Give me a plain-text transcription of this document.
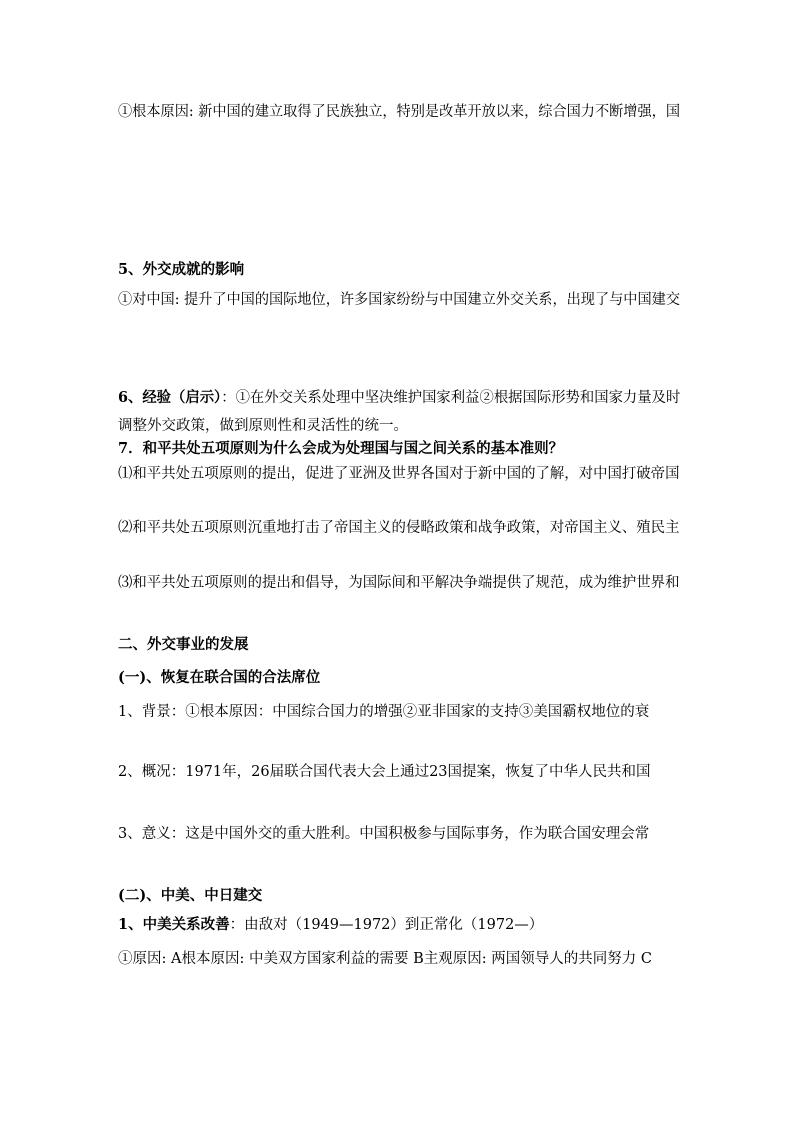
①根本原因: 新中国的建立取得了民族独立，特别是改革开放以来，综合国力不断增强，国
5、外交成就的影响
①对中国: 提升了中国的国际地位，许多国家纷纷与中国建立外交关系，出现了与中国建交
6、经验（启示）：①在外交关系处理中坚决维护国家利益②根据国际形势和国家力量及时
调整外交政策，做到原则性和灵活性的统一。
7．和平共处五项原则为什么会成为处理国与国之间关系的基本准则？
⑴和平共处五项原则的提出，促进了亚洲及世界各国对于新中国的了解，对中国打破帝国
⑵和平共处五项原则沉重地打击了帝国主义的侵略政策和战争政策，对帝国主义、殖民主
⑶和平共处五项原则的提出和倡导，为国际间和平解决争端提供了规范，成为维护世界和
二、外交事业的发展
(一)、恢复在联合国的合法席位
1、背景：①根本原因：中国综合国力的增强②亚非国家的支持③美国霸权地位的衰
2、概况：1971年，26届联合国代表大会上通过23国提案，恢复了中华人民共和国
3、意义：这是中国外交的重大胜利。中国积极参与国际事务，作为联合国安理会常
(二)、中美、中日建交
1、中美关系改善：由敌对（1949—1972）到正常化（1972—）
①原因: A根本原因: 中美双方国家利益的需要 B主观原因: 两国领导人的共同努力 C
